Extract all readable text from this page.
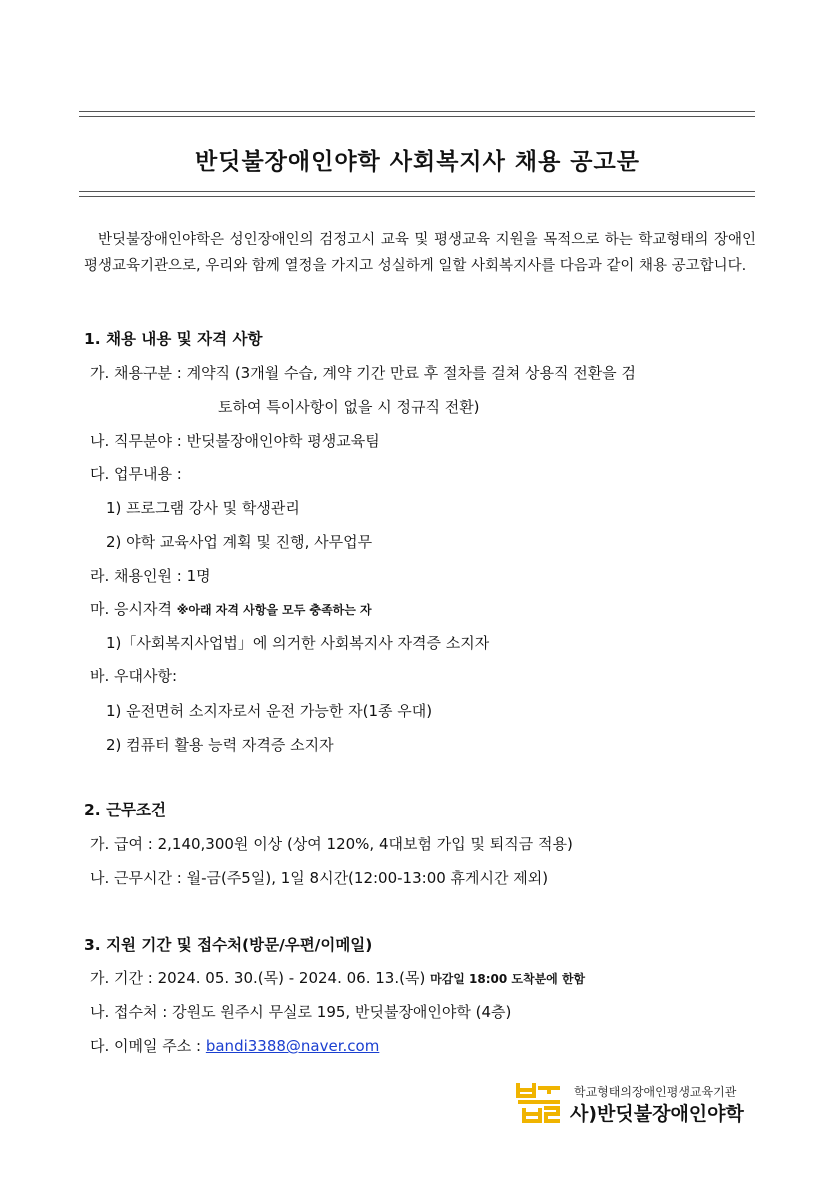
반딧불장애인야학 사회복지사 채용 공고문
반딧불장애인야학은 성인장애인의 검정고시 교육 및 평생교육 지원을 목적으로 하는 학교형태의 장애인평생교육기관으로, 우리와 함께 열정을 가지고 성실하게 일할 사회복지사를 다음과 같이 채용 공고합니다.
1. 채용 내용 및 자격 사항
가. 채용구분 : 계약직 (3개월 수습, 계약 기간 만료 후 절차를 걸쳐 상용직 전환을 검
토하여 특이사항이 없을 시 정규직 전환)
나. 직무분야 : 반딧불장애인야학 평생교육팀
다. 업무내용 :
1) 프로그램 강사 및 학생관리
2) 야학 교육사업 계획 및 진행, 사무업무
라. 채용인원 : 1명
마. 응시자격 ※아래 자격 사항을 모두 충족하는 자
1)「사회복지사업법」에 의거한 사회복지사 자격증 소지자
바. 우대사항:
1) 운전면허 소지자로서 운전 가능한 자(1종 우대)
2) 컴퓨터 활용 능력 자격증 소지자
2. 근무조건
가. 급여 : 2,140,300원 이상 (상여 120%, 4대보험 가입 및 퇴직금 적용)
나. 근무시간 : 월-금(주5일), 1일 8시간(12:00-13:00 휴게시간 제외)
3. 지원 기간 및 접수처(방문/우편/이메일)
가. 기간 : 2024. 05. 30.(목) - 2024. 06. 13.(목) 마감일 18:00 도착분에 한함
나. 접수처 : 강원도 원주시 무실로 195, 반딧불장애인야학 (4층)
다. 이메일 주소 : bandi3388@naver.com
학교형태의장애인평생교육기관
사)반딧불장애인야학
